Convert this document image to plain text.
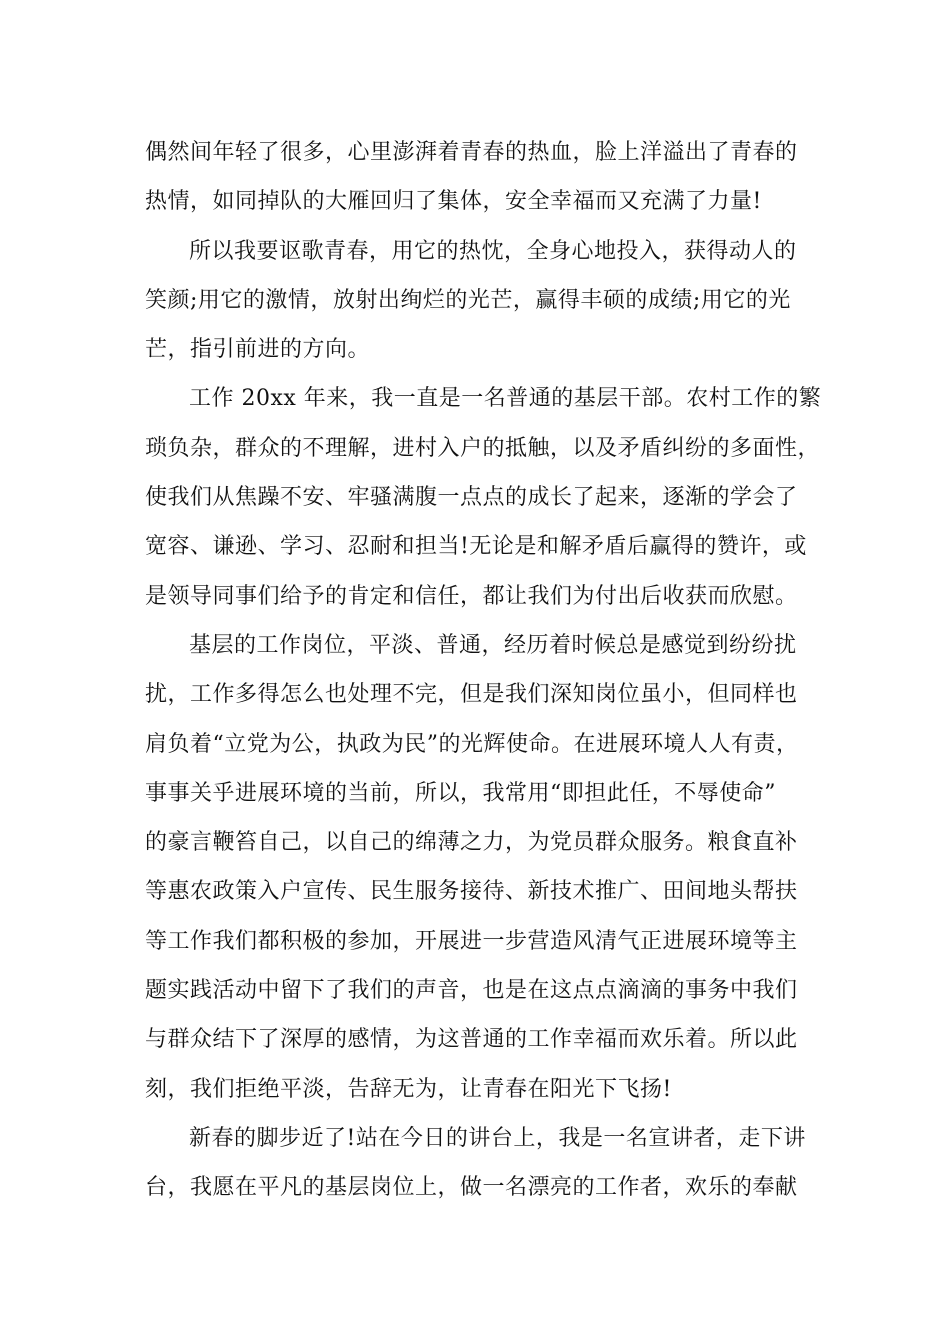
偶然间年轻了很多，心里澎湃着青春的热血，脸上洋溢出了青春的
热情，如同掉队的大雁回归了集体，安全幸福而又充满了力量!
所以我要讴歌青春，用它的热忱，全身心地投入，获得动人的
笑颜;用它的激情，放射出绚烂的光芒，赢得丰硕的成绩;用它的光
芒，指引前进的方向。
工作 20xx 年来，我一直是一名普通的基层干部。农村工作的繁
琐负杂，群众的不理解，进村入户的抵触，以及矛盾纠纷的多面性，
使我们从焦躁不安、牢骚满腹一点点的成长了起来，逐渐的学会了
宽容、谦逊、学习、忍耐和担当!无论是和解矛盾后赢得的赞许，或
是领导同事们给予的肯定和信任，都让我们为付出后收获而欣慰。
基层的工作岗位，平淡、普通，经历着时候总是感觉到纷纷扰
扰，工作多得怎么也处理不完，但是我们深知岗位虽小，但同样也
肩负着“立党为公，执政为民”的光辉使命。在进展环境人人有责，
事事关乎进展环境的当前，所以，我常用“即担此任，不辱使命”
的豪言鞭笞自己，以自己的绵薄之力，为党员群众服务。粮食直补
等惠农政策入户宣传、民生服务接待、新技术推广、田间地头帮扶
等工作我们都积极的参加，开展进一步营造风清气正进展环境等主
题实践活动中留下了我们的声音，也是在这点点滴滴的事务中我们
与群众结下了深厚的感情，为这普通的工作幸福而欢乐着。所以此
刻，我们拒绝平淡，告辞无为，让青春在阳光下飞扬!
新春的脚步近了!站在今日的讲台上，我是一名宣讲者，走下讲
台，我愿在平凡的基层岗位上，做一名漂亮的工作者，欢乐的奉献
